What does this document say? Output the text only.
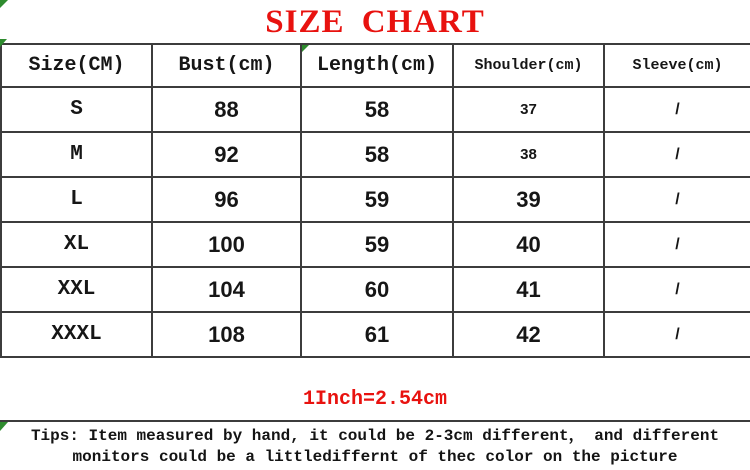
SIZE CHART
Size(CM)	Bust(cm)	Length(cm)	Shoulder(cm)	Sleeve(cm)
S	88	58	37	/
M	92	58	38	/
L	96	59	39	/
XL	100	59	40	/
XXL	104	60	41	/
XXXL	108	61	42	/
1Inch=2.54cm
Tips: Item measured by hand, it could be 2-3cm different， and different
monitors could be a littlediffernt of thec color on the picture
